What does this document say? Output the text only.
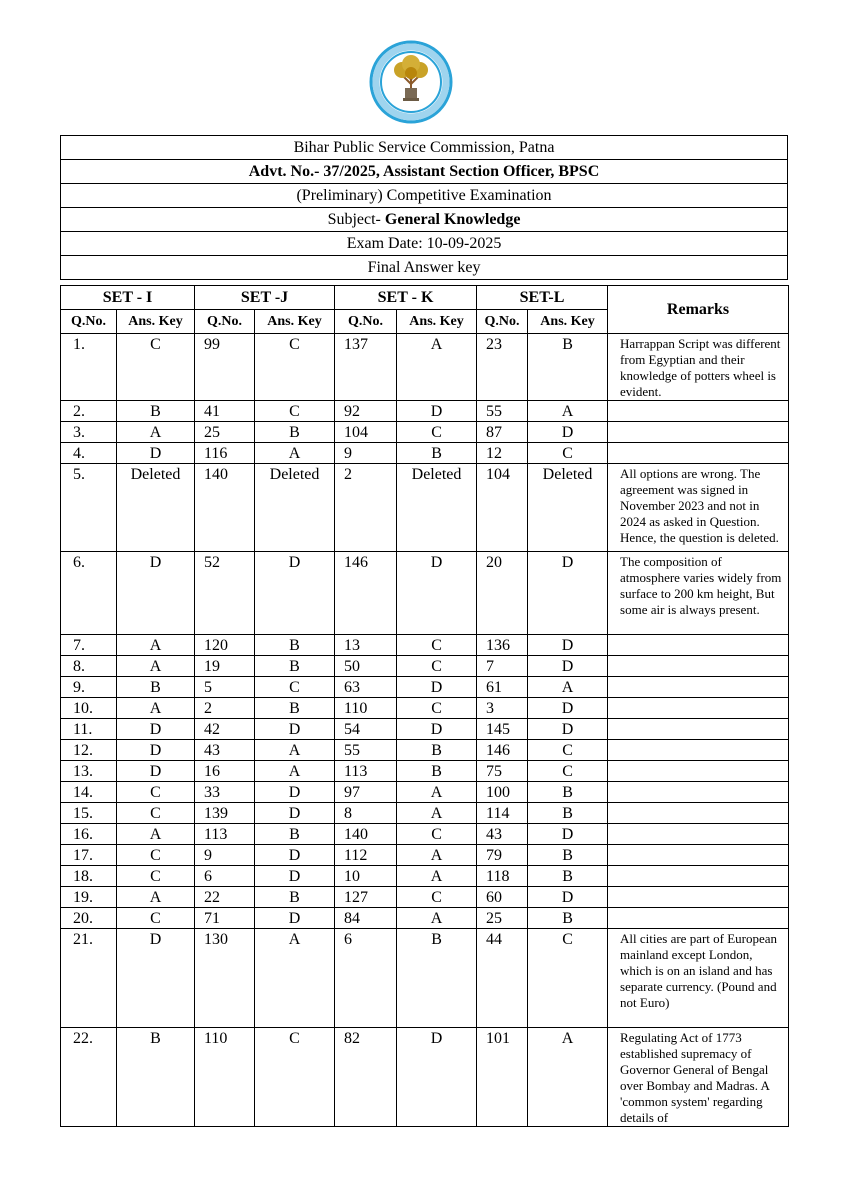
Bihar Public Service Commission, Patna
Advt. No.- 37/2025, Assistant Section Officer, BPSC
(Preliminary) Competitive Examination
Subject- General Knowledge
Exam Date: 10-09-2025
Final Answer key
SET - I		SET -J		SET - K		SET-L		Remarks
Q.No.	Ans. Key	Q.No.	Ans. Key	Q.No.	Ans. Key	Q.No.	Ans. Key	
1.	C	99	C	137	A	23	B	Harrappan Script was different from Egyptian and their knowledge of potters wheel is evident.

2.	B	41	C	92	D	55	A	

3.	A	25	B	104	C	87	D	

4.	D	116	A	9	B	12	C	

5.	Deleted	140	Deleted	2	Deleted	104	Deleted	All options are wrong. The agreement was signed in November 2023 and not in 2024 as asked in Question. Hence, the question is deleted.

6.	D	52	D	146	D	20	D	The composition of atmosphere varies widely from surface to 200 km height, But some air is always present.

7.	A	120	B	13	C	136	D	

8.	A	19	B	50	C	7	D	

9.	B	5	C	63	D	61	A	

10.	A	2	B	110	C	3	D	

11.	D	42	D	54	D	145	D	

12.	D	43	A	55	B	146	C	

13.	D	16	A	113	B	75	C	

14.	C	33	D	97	A	100	B	

15.	C	139	D	8	A	114	B	

16.	A	113	B	140	C	43	D	

17.	C	9	D	112	A	79	B	

18.	C	6	D	10	A	118	B	

19.	A	22	B	127	C	60	D	

20.	C	71	D	84	A	25	B	

21.	D	130	A	6	B	44	C	All cities are part of European mainland except London, which is on an island and has separate currency. (Pound and not Euro)

22.	B	110	C	82	D	101	A	Regulating Act of 1773 established supremacy of Governor General of Bengal over Bombay and Madras. A 'common system' regarding details of
